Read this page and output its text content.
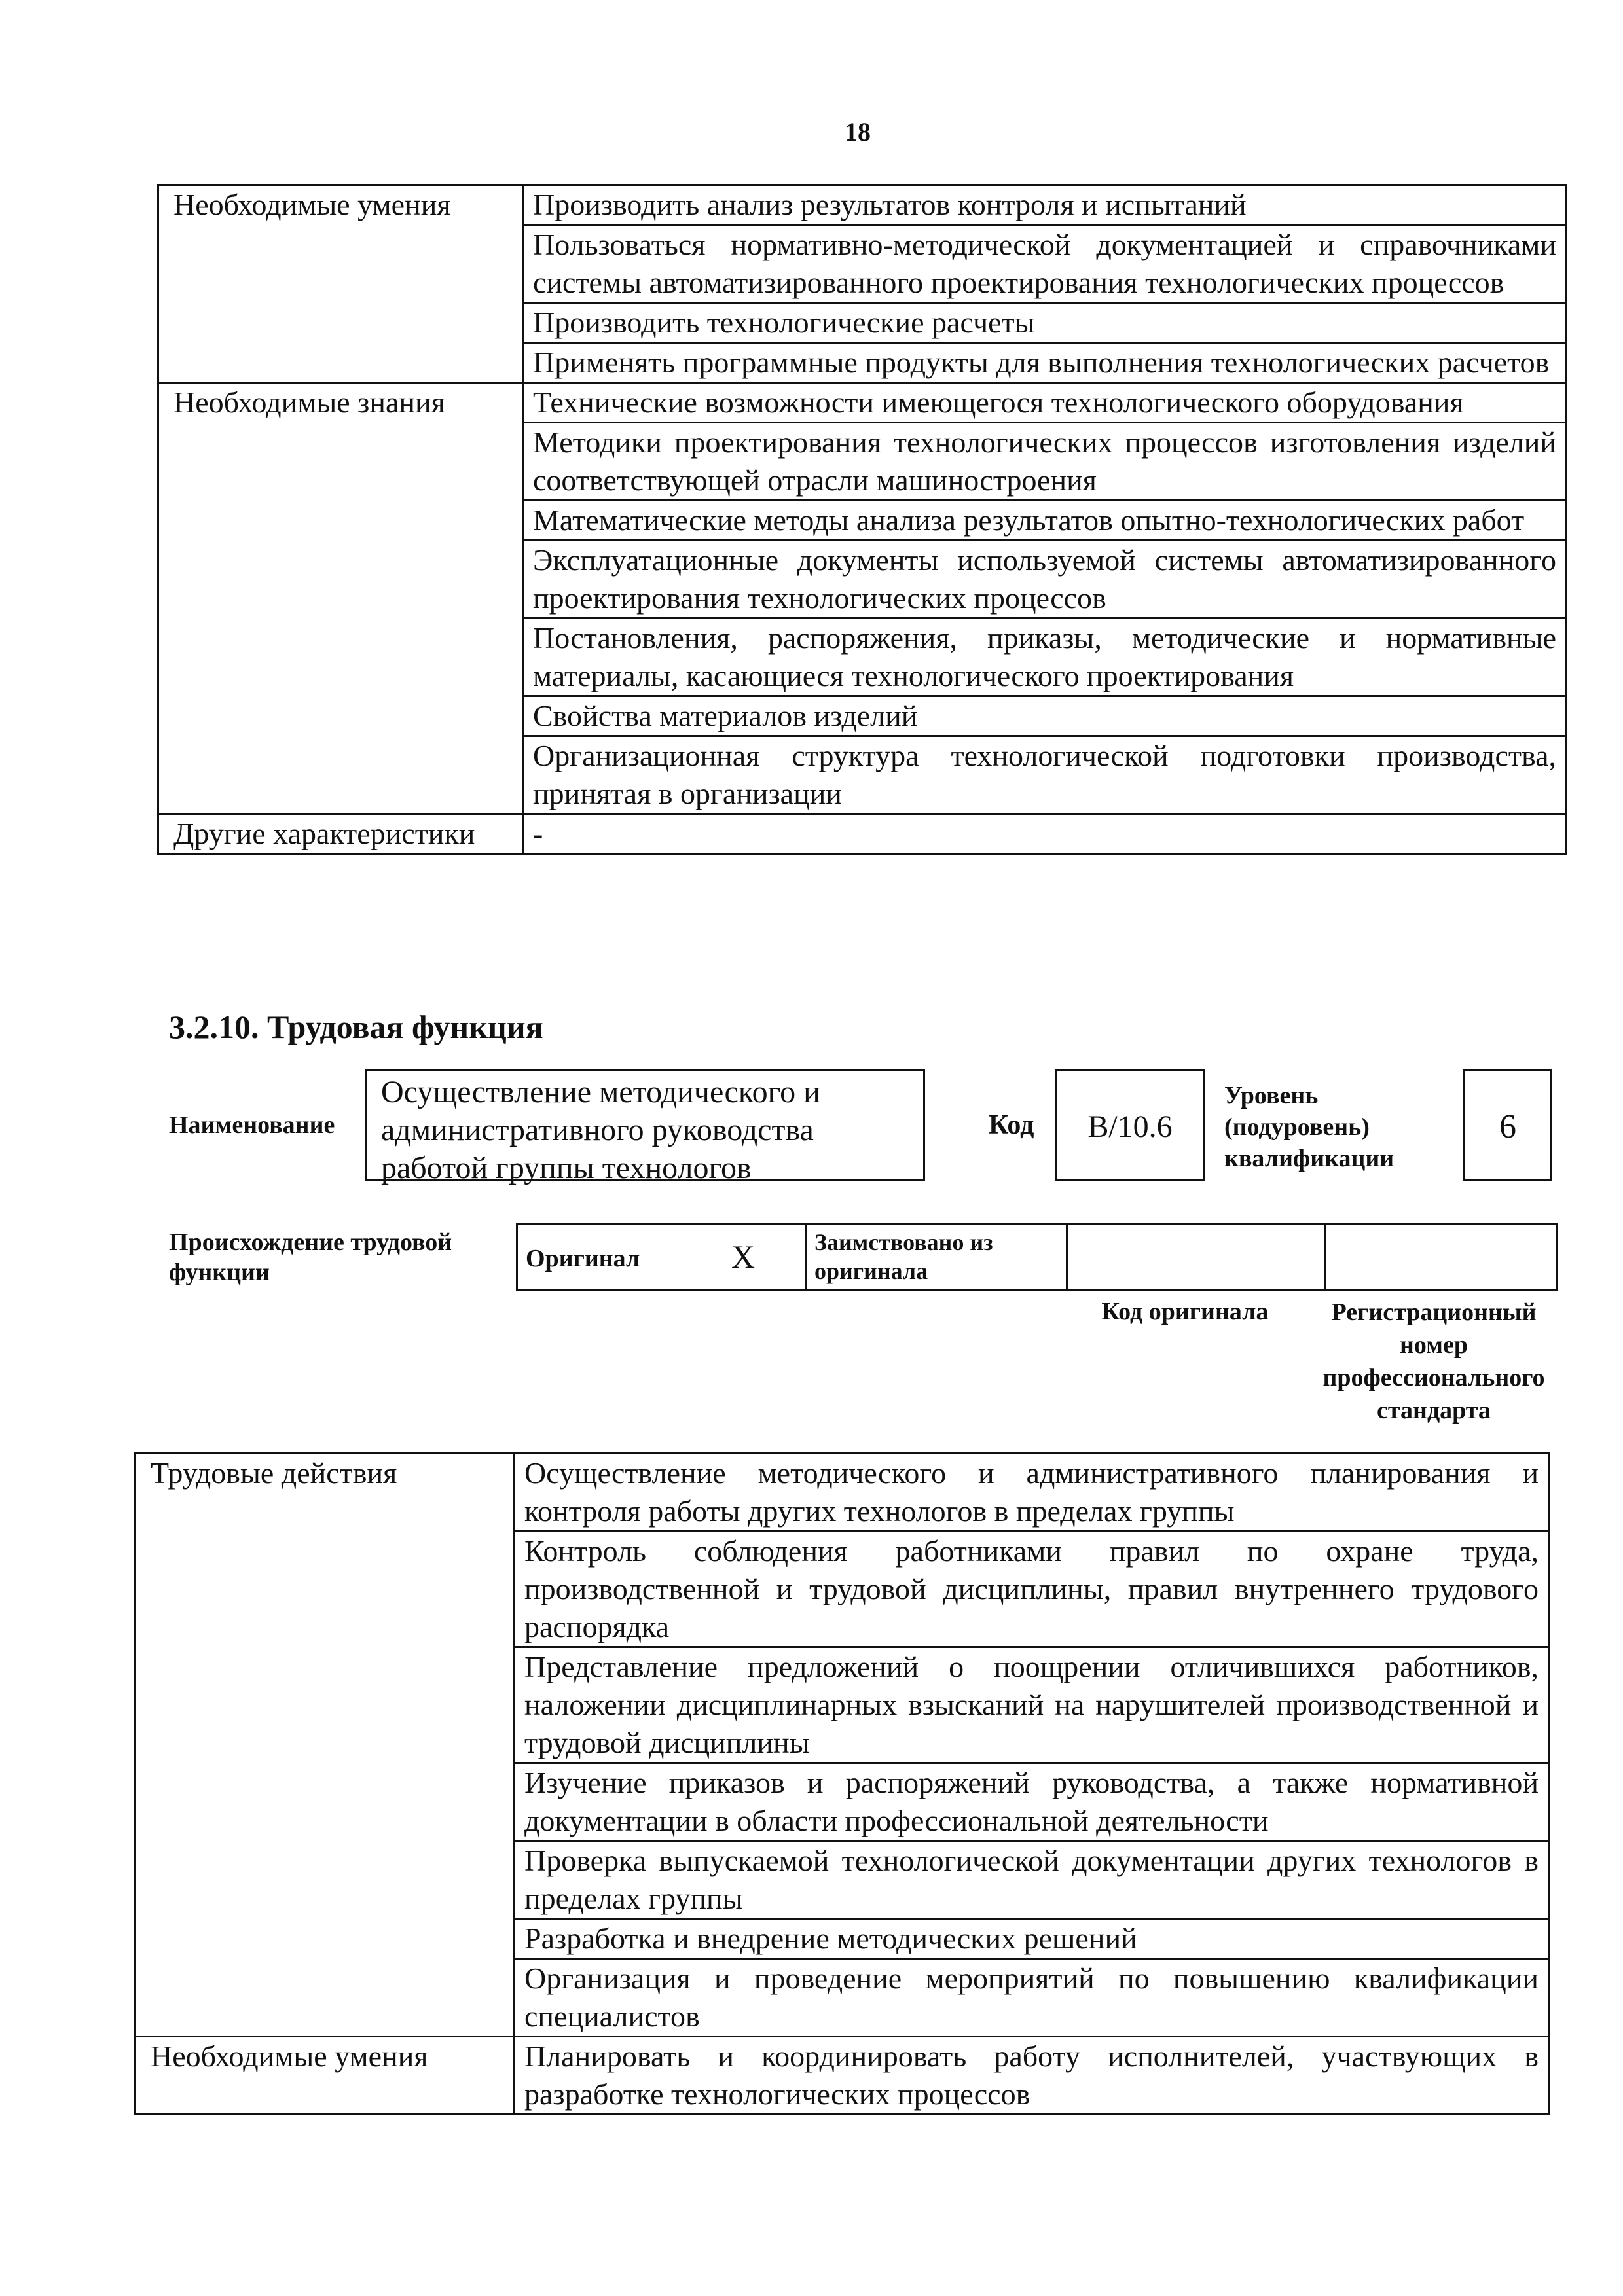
18
Необходимые умения	Производить анализ результатов контроля и испытаний
	Пользоваться нормативно-методической документацией и справочниками системы автоматизированного проектирования технологических процессов
	Производить технологические расчеты
	Применять программные продукты для выполнения технологических расчетов
Необходимые знания	Технические возможности имеющегося технологического оборудования
	Методики проектирования технологических процессов изготовления изделий соответствующей отрасли машиностроения
	Математические методы анализа результатов опытно-технологических работ
	Эксплуатационные документы используемой системы автоматизированного проектирования технологических процессов
	Постановления, распоряжения, приказы, методические и нормативные материалы, касающиеся технологического проектирования
	Свойства материалов изделий
	Организационная структура технологической подготовки производства, принятая в организации
Другие характеристики	-
3.2.10. Трудовая функция
Наименование
Осуществление методического и административного руководства работой группы технологов
Код	B/10.6
Уровень (подуровень) квалификации
6
Происхождение трудовой функции	Оригинал	X	Заимствовано из оригинала		
Код оригинала	Регистрационный номер профессионального стандарта
Трудовые действия	Осуществление методического и административного планирования и контроля работы других технологов в пределах группы
	Контроль соблюдения работниками правил по охране труда, производственной и трудовой дисциплины, правил внутреннего трудового распорядка
	Представление предложений о поощрении отличившихся работников, наложении дисциплинарных взысканий на нарушителей производственной и трудовой дисциплины
	Изучение приказов и распоряжений руководства, а также нормативной документации в области профессиональной деятельности
	Проверка выпускаемой технологической документации других технологов в пределах группы
	Разработка и внедрение методических решений
	Организация и проведение мероприятий по повышению квалификации специалистов
Необходимые умения	Планировать и координировать работу исполнителей, участвующих в разработке технологических процессов
